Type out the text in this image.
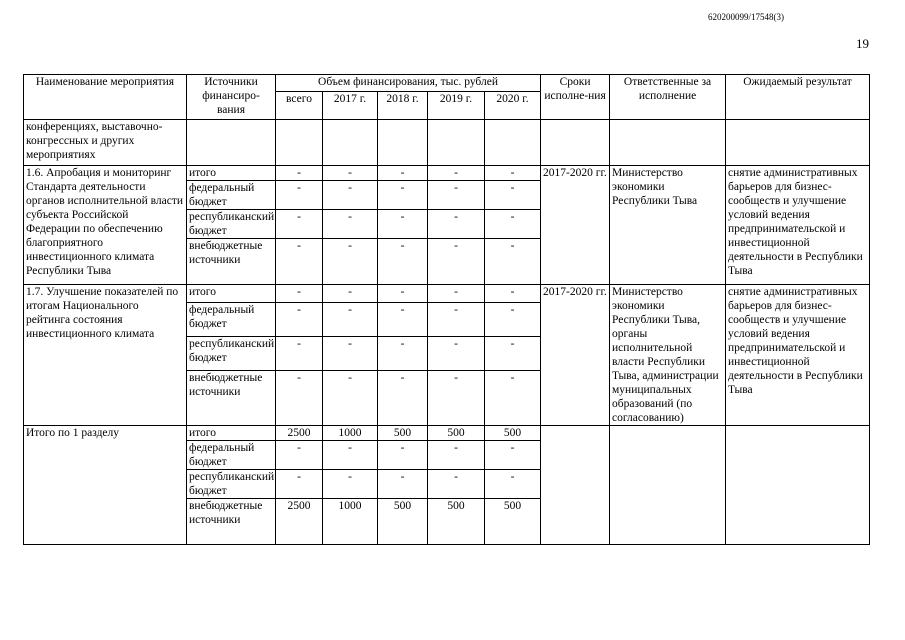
620200099/17548(3)
19
Наименование мероприятия	Источники финансиро-вания	Объем финансирования, тыс. рублей					Сроки исполне-ния	Ответственные за исполнение	Ожидаемый результат
		всего	2017 г.	2018 г.	2019 г.	2020 г.			
конференциях, выставочно-конгрессных и других мероприятиях									
1.6. Апробация и мониторинг Стандарта деятельности органов исполнительной власти субъекта Российской Федерации по обеспечению благоприятного инвестиционного климата Республики Тыва	итого	-	-	-	-	-	2017-2020 гг.	Министерство экономики Республики Тыва	снятие административных барьеров для бизнес-сообществ и улучшение условий ведения предпринимательской и инвестиционной деятельности в Республики Тыва
	федеральный бюджет	-	-	-	-	-			
	республиканский бюджет	-	-	-	-	-			
	внебюджетные источники	-	-	-	-	-			
1.7. Улучшение показателей по итогам Национального рейтинга состояния инвестиционного климата	итого	-	-	-	-	-	2017-2020 гг.	Министерство экономики Республики Тыва, органы исполнительной власти Республики Тыва, администрации муниципальных образований (по согласованию)	снятие административных барьеров для бизнес-сообществ и улучшение условий ведения предпринимательской и инвестиционной деятельности в Республики Тыва
	федеральный бюджет	-	-	-	-	-			
	республиканский бюджет	-	-	-	-	-			
	внебюджетные источники	-	-	-	-	-			
Итого по 1 разделу	итого	2500	1000	500	500	500			
	федеральный бюджет	-	-	-	-	-			
	республиканский бюджет	-	-	-	-	-			
	внебюджетные источники	2500	1000	500	500	500			
